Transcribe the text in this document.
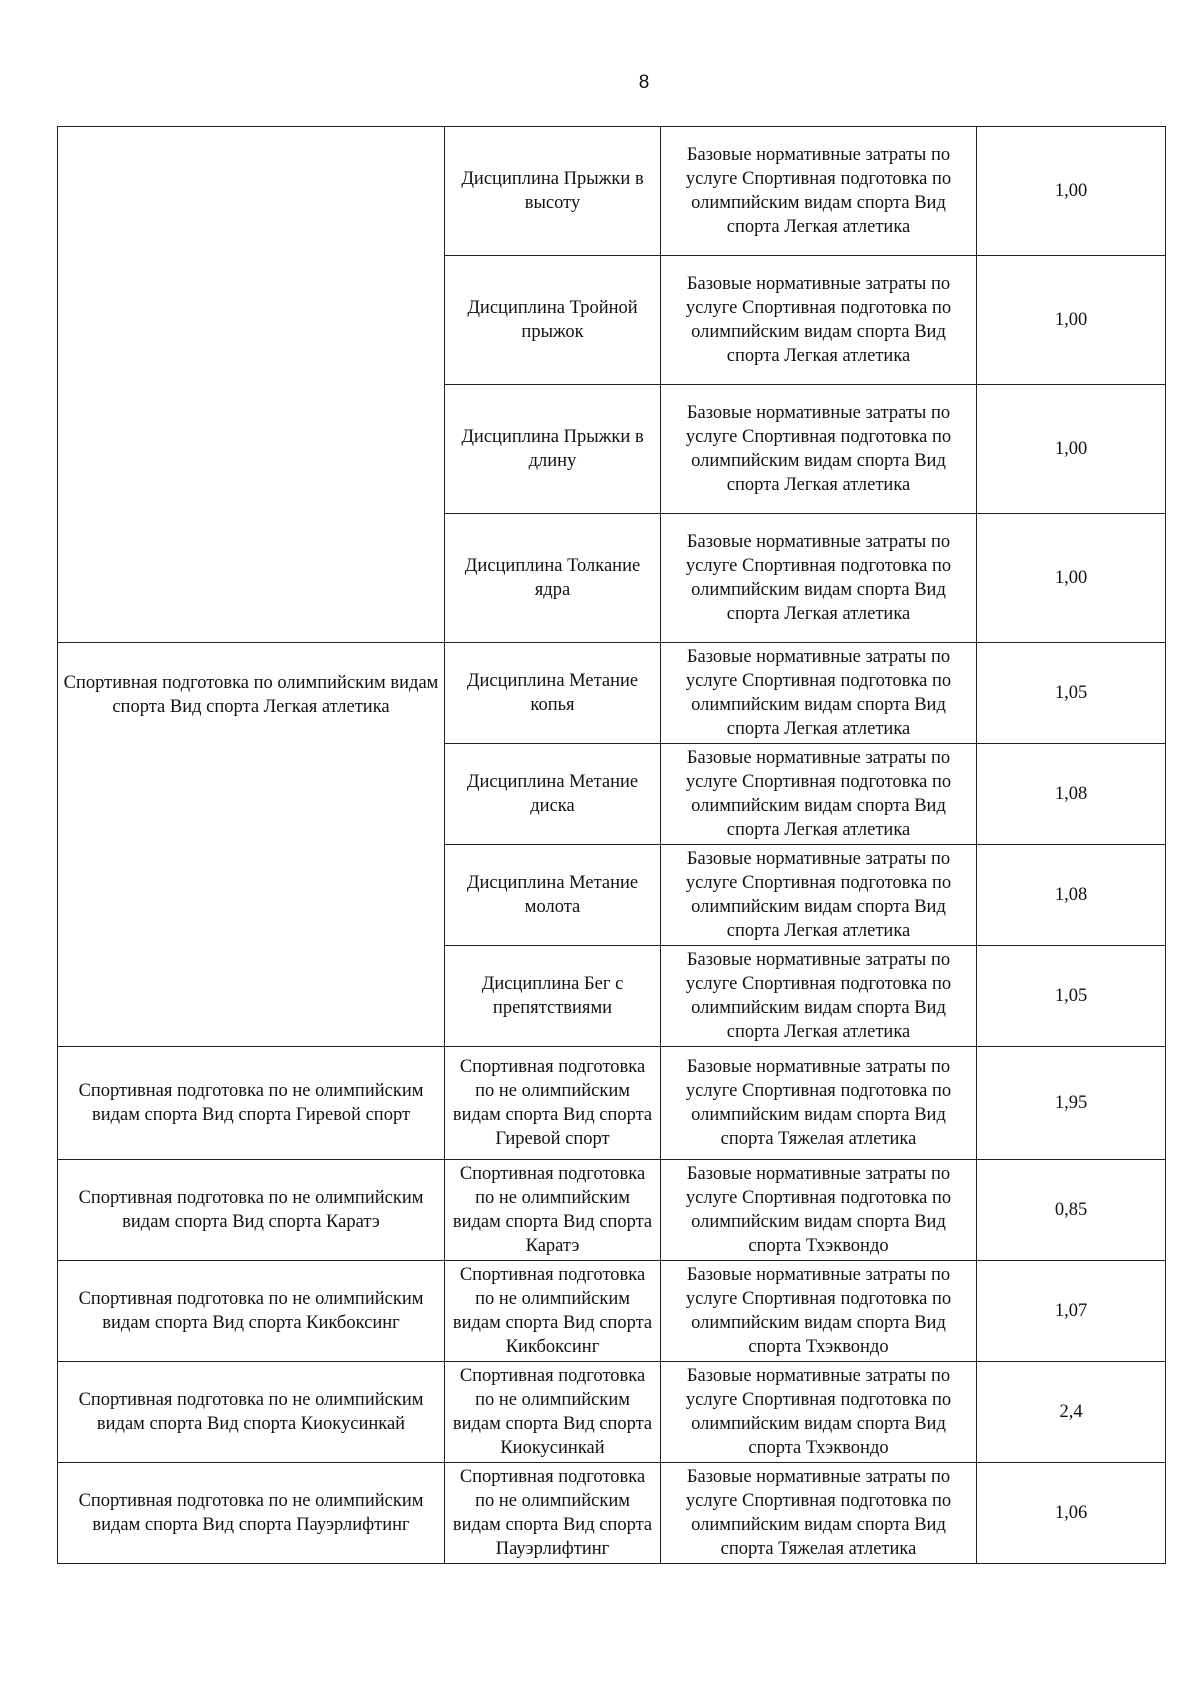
8
	Дисциплина Прыжки в высоту	Базовые нормативные затраты по услуге Спортивная подготовка по олимпийским видам спорта Вид спорта Легкая атлетика	1,00
	Дисциплина Тройной прыжок	Базовые нормативные затраты по услуге Спортивная подготовка по олимпийским видам спорта Вид спорта Легкая атлетика	1,00
	Дисциплина Прыжки в длину	Базовые нормативные затраты по услуге Спортивная подготовка по олимпийским видам спорта Вид спорта Легкая атлетика	1,00
	Дисциплина Толкание ядра	Базовые нормативные затраты по услуге Спортивная подготовка по олимпийским видам спорта Вид спорта Легкая атлетика	1,00
Спортивная подготовка по олимпийским видам спорта Вид спорта Легкая атлетика	Дисциплина Метание копья	Базовые нормативные затраты по услуге Спортивная подготовка по олимпийским видам спорта Вид спорта Легкая атлетика	1,05
	Дисциплина Метание диска	Базовые нормативные затраты по услуге Спортивная подготовка по олимпийским видам спорта Вид спорта Легкая атлетика	1,08
	Дисциплина Метание молота	Базовые нормативные затраты по услуге Спортивная подготовка по олимпийским видам спорта Вид спорта Легкая атлетика	1,08
	Дисциплина Бег с препятствиями	Базовые нормативные затраты по услуге Спортивная подготовка по олимпийским видам спорта Вид спорта Легкая атлетика	1,05
Спортивная подготовка по не олимпийским видам спорта Вид спорта Гиревой спорт	Спортивная подготовка по не олимпийским видам спорта Вид спорта Гиревой спорт	Базовые нормативные затраты по услуге Спортивная подготовка по олимпийским видам спорта Вид спорта Тяжелая атлетика	1,95
Спортивная подготовка по не олимпийским видам спорта Вид спорта Каратэ	Спортивная подготовка по не олимпийским видам спорта Вид спорта Каратэ	Базовые нормативные затраты по услуге Спортивная подготовка по олимпийским видам спорта Вид спорта Тхэквондо	0,85
Спортивная подготовка по не олимпийским видам спорта Вид спорта Кикбоксинг	Спортивная подготовка по не олимпийским видам спорта Вид спорта Кикбоксинг	Базовые нормативные затраты по услуге Спортивная подготовка по олимпийским видам спорта Вид спорта Тхэквондо	1,07
Спортивная подготовка по не олимпийским видам спорта Вид спорта Киокусинкай	Спортивная подготовка по не олимпийским видам спорта Вид спорта Киокусинкай	Базовые нормативные затраты по услуге Спортивная подготовка по олимпийским видам спорта Вид спорта Тхэквондо	2,4
Спортивная подготовка по не олимпийским видам спорта Вид спорта Пауэрлифтинг	Спортивная подготовка по не олимпийским видам спорта Вид спорта Пауэрлифтинг	Базовые нормативные затраты по услуге Спортивная подготовка по олимпийским видам спорта Вид спорта Тяжелая атлетика	1,06
